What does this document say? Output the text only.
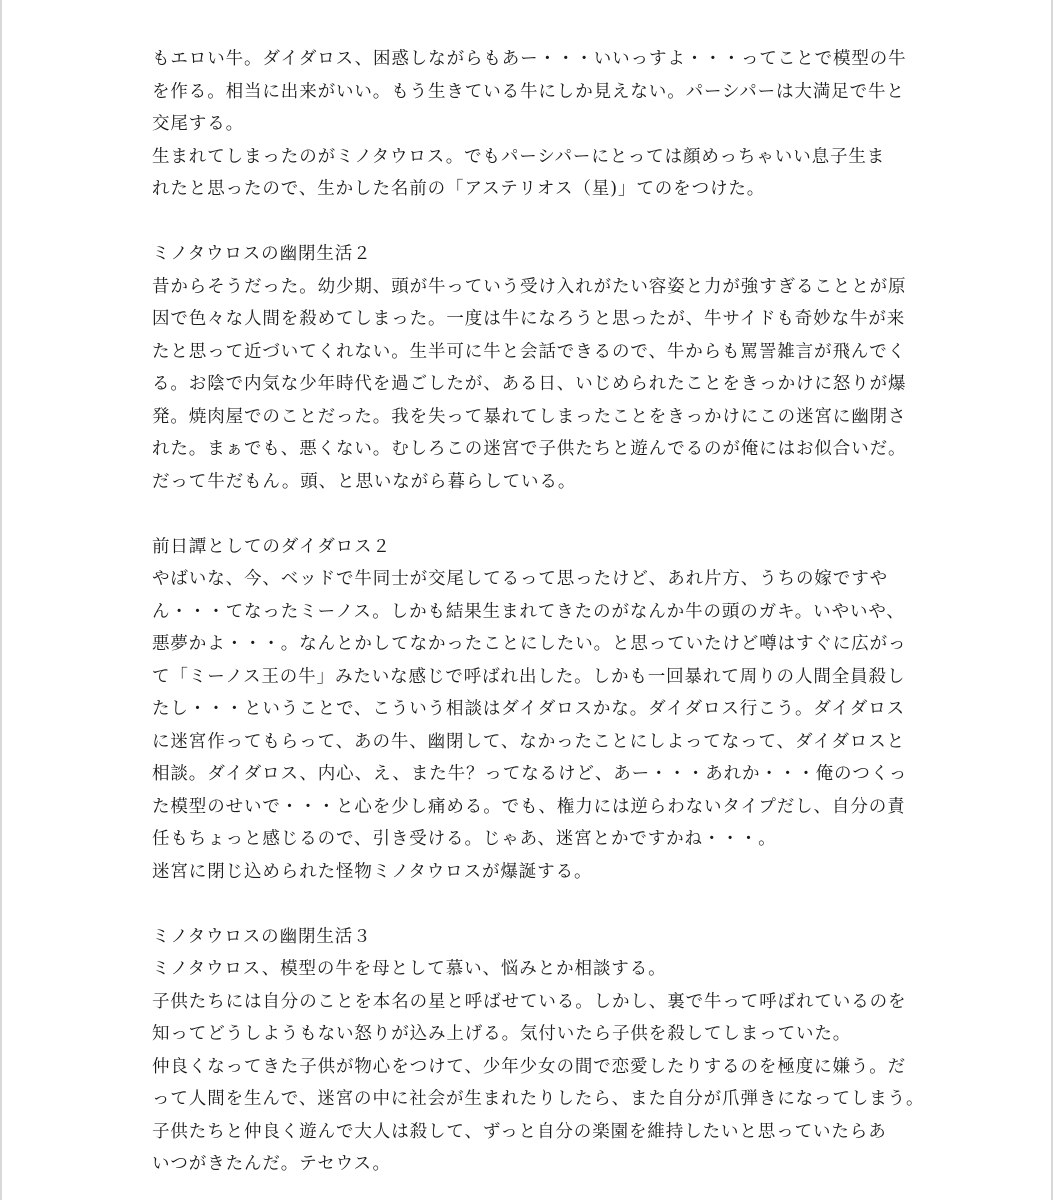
もエロい牛。ダイダロス、困惑しながらもあー・・・いいっすよ・・・ってことで模型の牛
を作る。相当に出来がいい。もう生きている牛にしか見えない。パーシパーは大満足で牛と
交尾する。
生まれてしまったのがミノタウロス。でもパーシパーにとっては顔めっちゃいい息子生ま
れたと思ったので、生かした名前の「アステリオス（星)」てのをつけた。
ミノタウロスの幽閉生活２
昔からそうだった。幼少期、頭が牛っていう受け入れがたい容姿と力が強すぎることとが原
因で色々な人間を殺めてしまった。一度は牛になろうと思ったが、牛サイドも奇妙な牛が来
たと思って近づいてくれない。生半可に牛と会話できるので、牛からも罵詈雑言が飛んでく
る。お陰で内気な少年時代を過ごしたが、ある日、いじめられたことをきっかけに怒りが爆
発。焼肉屋でのことだった。我を失って暴れてしまったことをきっかけにこの迷宮に幽閉さ
れた。まぁでも、悪くない。むしろこの迷宮で子供たちと遊んでるのが俺にはお似合いだ。
だって牛だもん。頭、と思いながら暮らしている。
前日譚としてのダイダロス２
やばいな、今、ベッドで牛同士が交尾してるって思ったけど、あれ片方、うちの嫁ですや
ん・・・てなったミーノス。しかも結果生まれてきたのがなんか牛の頭のガキ。いやいや、
悪夢かよ・・・。なんとかしてなかったことにしたい。と思っていたけど噂はすぐに広がっ
て「ミーノス王の牛」みたいな感じで呼ばれ出した。しかも一回暴れて周りの人間全員殺し
たし・・・ということで、こういう相談はダイダロスかな。ダイダロス行こう。ダイダロス
に迷宮作ってもらって、あの牛、幽閉して、なかったことにしよってなって、ダイダロスと
相談。ダイダロス、内心、え、また牛？ってなるけど、あー・・・あれか・・・俺のつくっ
た模型のせいで・・・と心を少し痛める。でも、権力には逆らわないタイプだし、自分の責
任もちょっと感じるので、引き受ける。じゃあ、迷宮とかですかね・・・。
迷宮に閉じ込められた怪物ミノタウロスが爆誕する。
ミノタウロスの幽閉生活３
ミノタウロス、模型の牛を母として慕い、悩みとか相談する。
子供たちには自分のことを本名の星と呼ばせている。しかし、裏で牛って呼ばれているのを
知ってどうしようもない怒りが込み上げる。気付いたら子供を殺してしまっていた。
仲良くなってきた子供が物心をつけて、少年少女の間で恋愛したりするのを極度に嫌う。だ
って人間を生んで、迷宮の中に社会が生まれたりしたら、また自分が爪弾きになってしまう。
子供たちと仲良く遊んで大人は殺して、ずっと自分の楽園を維持したいと思っていたらあ
いつがきたんだ。テセウス。
